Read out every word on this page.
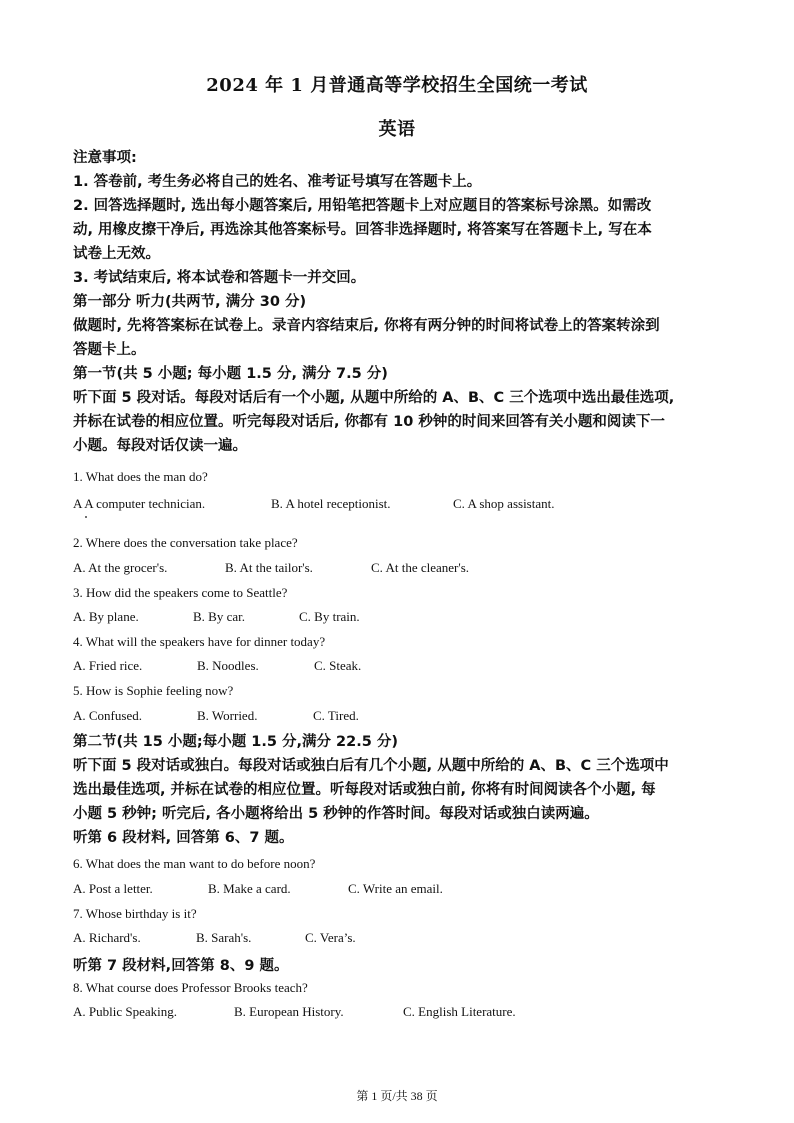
2024 年 1 月普通高等学校招生全国统一考试
英语
注意事项:
1. 答卷前, 考生务必将自己的姓名、准考证号填写在答题卡上。
2. 回答选择题时, 选出每小题答案后, 用铅笔把答题卡上对应题目的答案标号涂黑。如需改
动, 用橡皮擦干净后, 再选涂其他答案标号。回答非选择题时, 将答案写在答题卡上, 写在本
试卷上无效。
3. 考试结束后, 将本试卷和答题卡一并交回。
第一部分 听力(共两节, 满分 30 分)
做题时, 先将答案标在试卷上。录音内容结束后, 你将有两分钟的时间将试卷上的答案转涂到
答题卡上。
第一节(共 5 小题; 每小题 1.5 分, 满分 7.5 分)
听下面 5 段对话。每段对话后有一个小题, 从题中所给的 A、B、C 三个选项中选出最佳选项,
并标在试卷的相应位置。听完每段对话后, 你都有 10 秒钟的时间来回答有关小题和阅读下一
小题。每段对话仅读一遍。
1. What does the man do?
A A computer technician.	B. A hotel receptionist.	C. A shop assistant.
2. Where does the conversation take place?
A. At the grocer's.	B. At the tailor's.	C. At the cleaner's.
3. How did the speakers come to Seattle?
A. By plane.	B. By car.	C. By train.
4. What will the speakers have for dinner today?
A. Fried rice.	B. Noodles.	C. Steak.
5. How is Sophie feeling now?
A. Confused.	B. Worried.	C. Tired.
第二节(共 15 小题;每小题 1.5 分,满分 22.5 分)
听下面 5 段对话或独白。每段对话或独白后有几个小题, 从题中所给的 A、B、C 三个选项中
选出最佳选项, 并标在试卷的相应位置。听每段对话或独白前, 你将有时间阅读各个小题, 每
小题 5 秒钟; 听完后, 各小题将给出 5 秒钟的作答时间。每段对话或独白读两遍。
听第 6 段材料, 回答第 6、7 题。
6. What does the man want to do before noon?
A. Post a letter.	B. Make a card.	C. Write an email.
7. Whose birthday is it?
A. Richard's.	B. Sarah's.	C. Vera’s.
听第 7 段材料,回答第 8、9 题。
8. What course does Professor Brooks teach?
A. Public Speaking.	B. European History.	C. English Literature.
第 1 页/共 38 页
